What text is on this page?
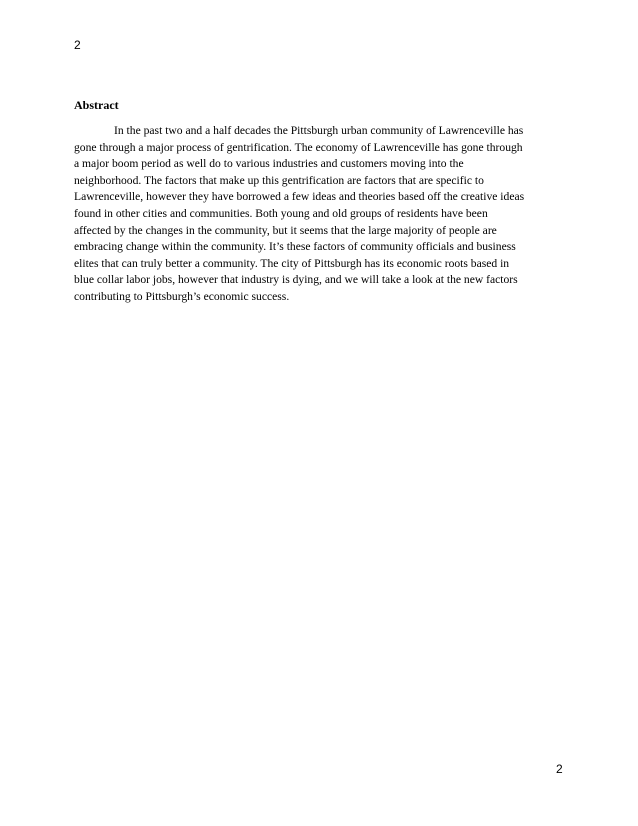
2
Abstract
In the past two and a half decades the Pittsburgh urban community of Lawrenceville has
gone through a major process of gentrification. The economy of Lawrenceville has gone through
a major boom period as well do to various industries and customers moving into the
neighborhood. The factors that make up this gentrification are factors that are specific to
Lawrenceville, however they have borrowed a few ideas and theories based off the creative ideas
found in other cities and communities. Both young and old groups of residents have been
affected by the changes in the community, but it seems that the large majority of people are
embracing change within the community. It’s these factors of community officials and business
elites that can truly better a community. The city of Pittsburgh has its economic roots based in
blue collar labor jobs, however that industry is dying, and we will take a look at the new factors
contributing to Pittsburgh’s economic success.
2
